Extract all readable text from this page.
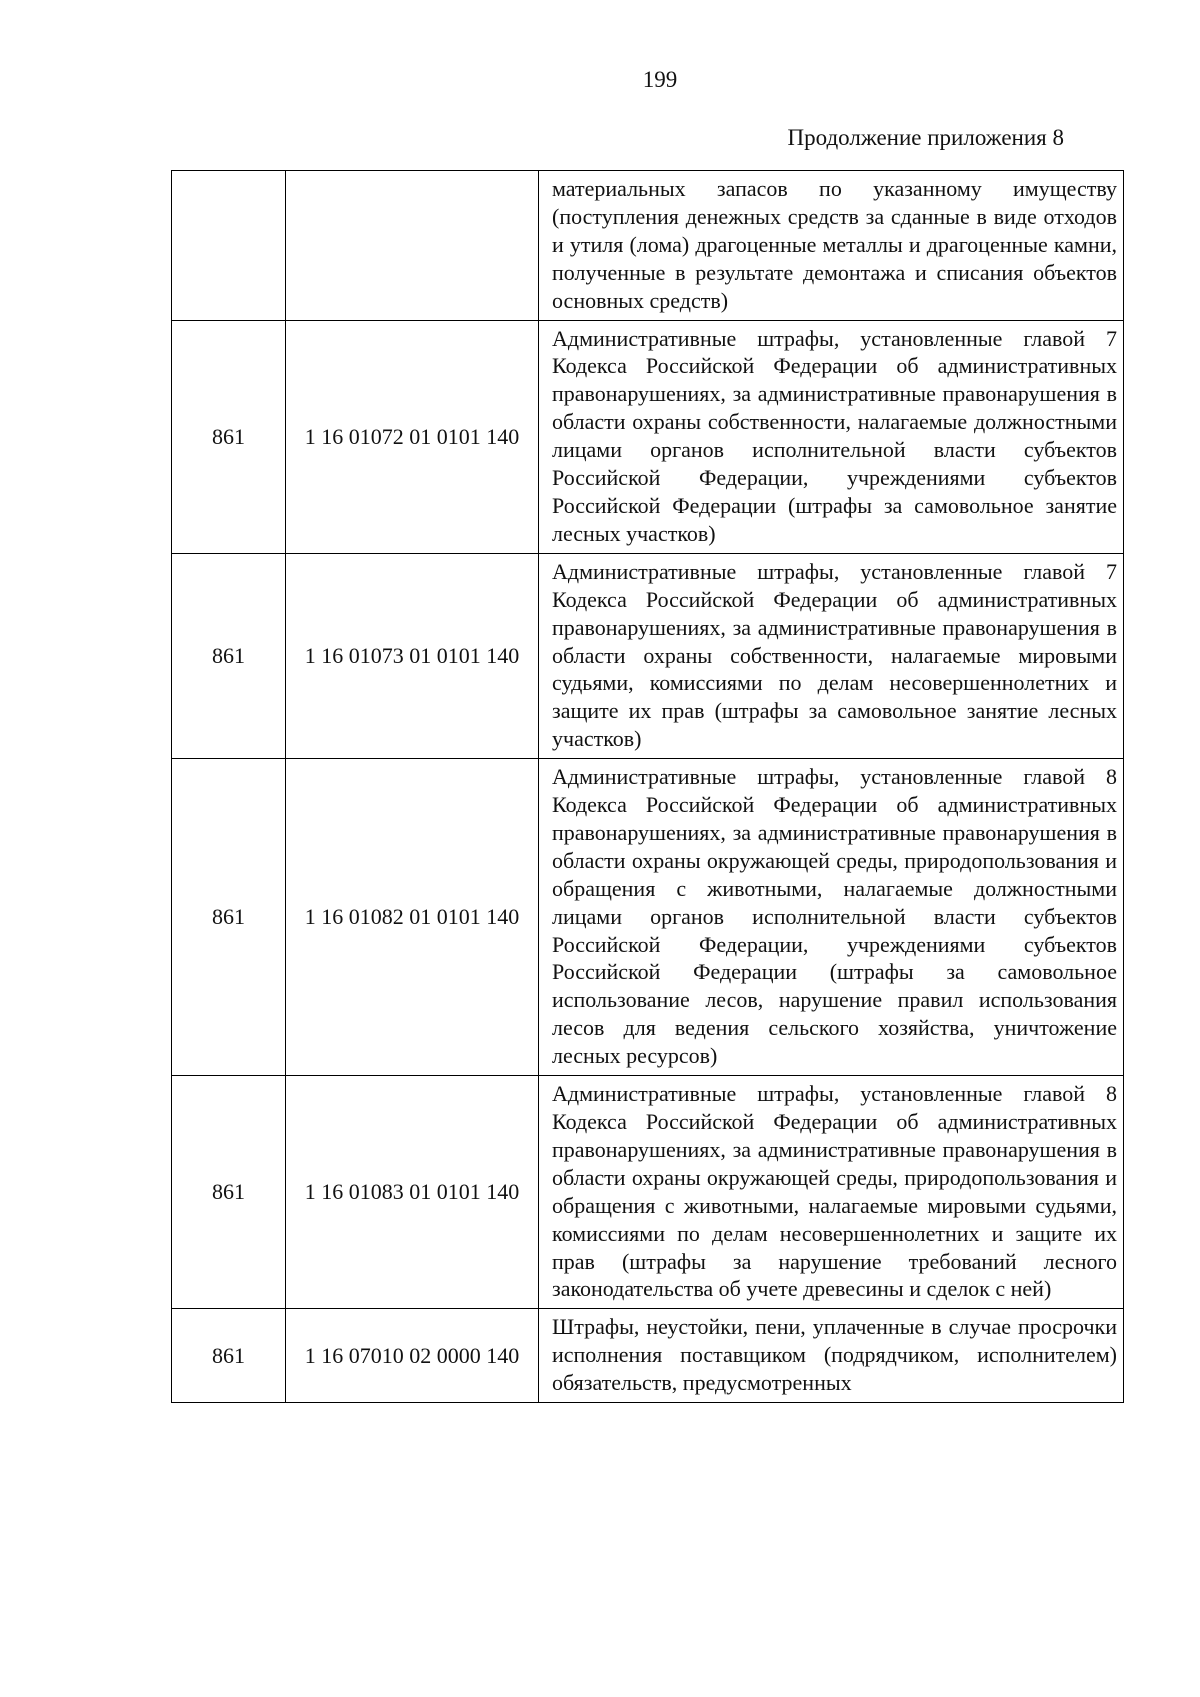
199
Продолжение приложения 8
		материальных запасов по указанному имуществу (поступления денежных средств за сданные в виде отходов и утиля (лома) драгоценные металлы и драгоценные камни, полученные в результате демонтажа и списания объектов основных средств)
861	1 16 01072 01 0101 140	Административные штрафы, установленные главой 7 Кодекса Российской Федерации об административных правонарушениях, за административные правонарушения в области охраны собственности, налагаемые должностными лицами органов исполнительной власти субъектов Российской Федерации, учреждениями субъектов Российской Федерации (штрафы за самовольное занятие лесных участков)
861	1 16 01073 01 0101 140	Административные штрафы, установленные главой 7 Кодекса Российской Федерации об административных правонарушениях, за административные правонарушения в области охраны собственности, налагаемые мировыми судьями, комиссиями по делам несовершеннолетних и защите их прав (штрафы за самовольное занятие лесных участков)
861	1 16 01082 01 0101 140	Административные штрафы, установленные главой 8 Кодекса Российской Федерации об административных правонарушениях, за административные правонарушения в области охраны окружающей среды, природопользования и обращения с животными, налагаемые должностными лицами органов исполнительной власти субъектов Российской Федерации, учреждениями субъектов Российской Федерации (штрафы за самовольное использование лесов, нарушение правил использования лесов для ведения сельского хозяйства, уничтожение лесных ресурсов)
861	1 16 01083 01 0101 140	Административные штрафы, установленные главой 8 Кодекса Российской Федерации об административных правонарушениях, за административные правонарушения в области охраны окружающей среды, природопользования и обращения с животными, налагаемые мировыми судьями, комиссиями по делам несовершеннолетних и защите их прав (штрафы за нарушение требований лесного законодательства об учете древесины и сделок с ней)
861	1 16 07010 02 0000 140	Штрафы, неустойки, пени, уплаченные в случае просрочки исполнения поставщиком (подрядчиком, исполнителем) обязательств, предусмотренных
